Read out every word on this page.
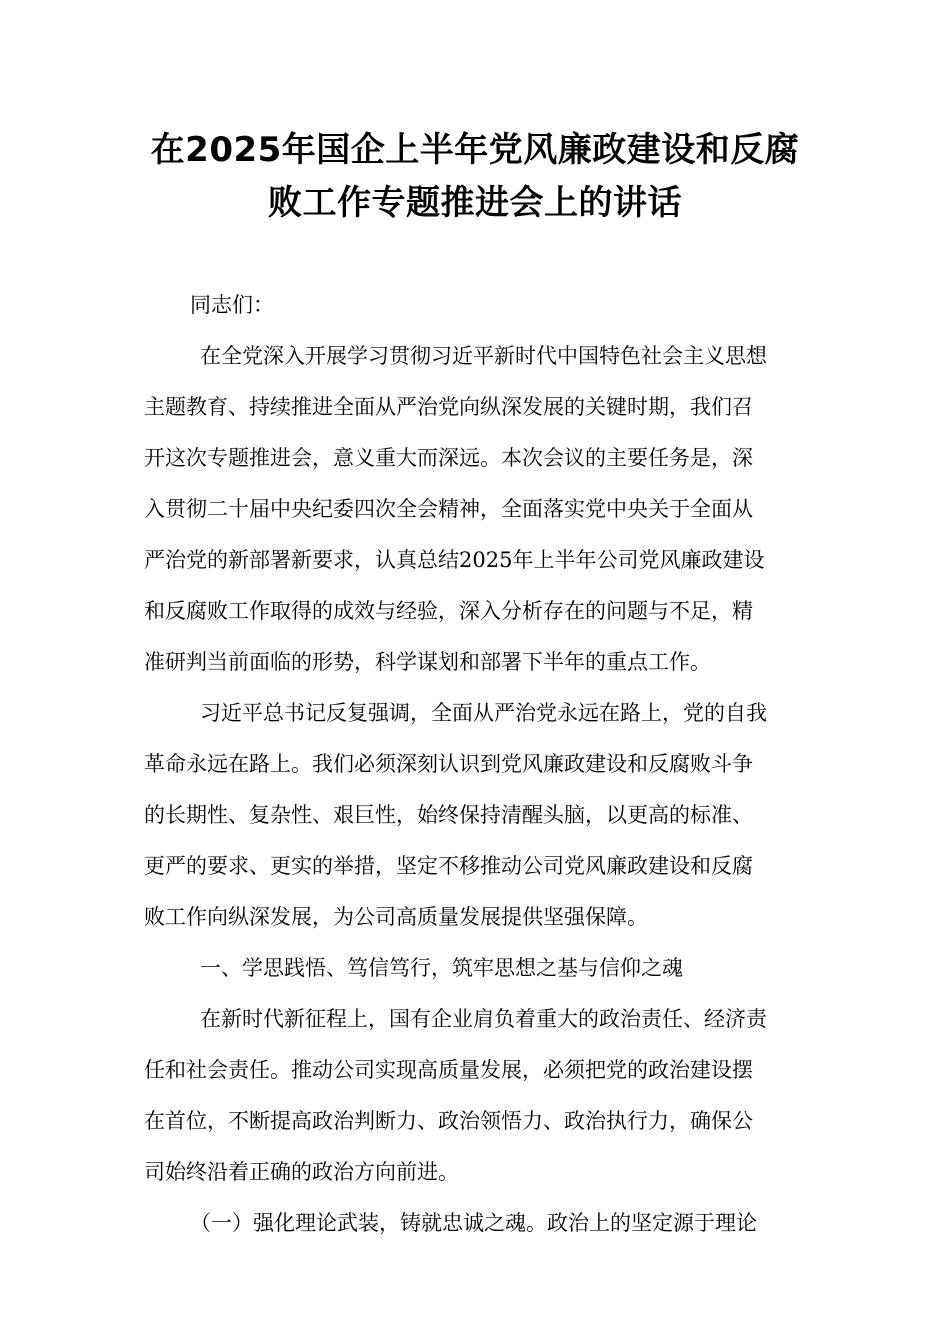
在2025年国企上半年党风廉政建设和反腐
败工作专题推进会上的讲话

同志们：

在全党深入开展学习贯彻习近平新时代中国特色社会主义思想
主题教育、持续推进全面从严治党向纵深发展的关键时期，我们召
开这次专题推进会，意义重大而深远。本次会议的主要任务是，深
入贯彻二十届中央纪委四次全会精神，全面落实党中央关于全面从
严治党的新部署新要求，认真总结2025年上半年公司党风廉政建设
和反腐败工作取得的成效与经验，深入分析存在的问题与不足，精
准研判当前面临的形势，科学谋划和部署下半年的重点工作。
习近平总书记反复强调，全面从严治党永远在路上，党的自我
革命永远在路上。我们必须深刻认识到党风廉政建设和反腐败斗争
的长期性、复杂性、艰巨性，始终保持清醒头脑，以更高的标准、
更严的要求、更实的举措，坚定不移推动公司党风廉政建设和反腐
败工作向纵深发展，为公司高质量发展提供坚强保障。
一、学思践悟、笃信笃行，筑牢思想之基与信仰之魂
在新时代新征程上，国有企业肩负着重大的政治责任、经济责
任和社会责任。推动公司实现高质量发展，必须把党的政治建设摆
在首位，不断提高政治判断力、政治领悟力、政治执行力，确保公
司始终沿着正确的政治方向前进。
（一）强化理论武装，铸就忠诚之魂。政治上的坚定源于理论
